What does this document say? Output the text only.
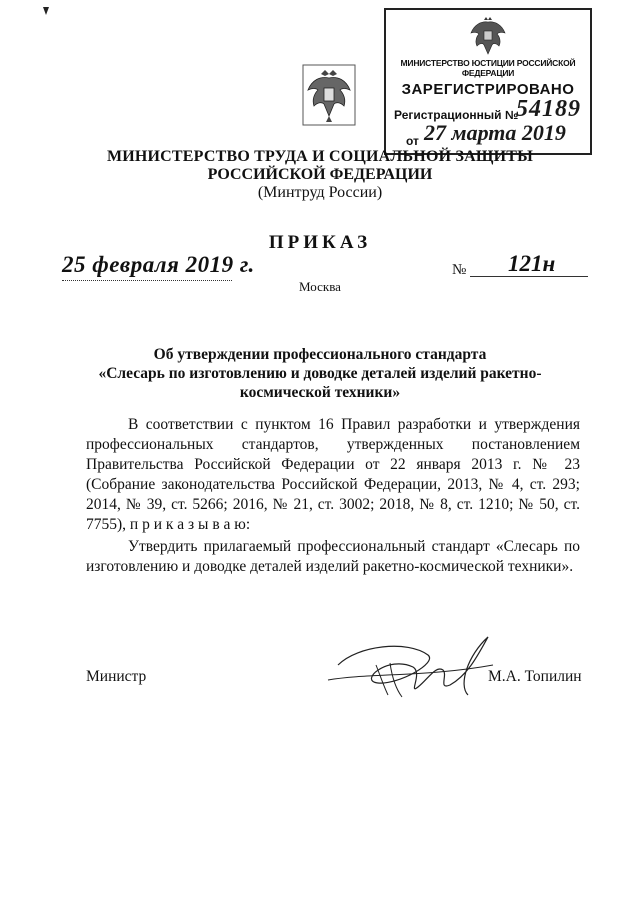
МИНИСТЕРСТВО ЮСТИЦИИ РОССИЙСКОЙ ФЕДЕРАЦИИ
ЗАРЕГИСТРИРОВАНО
Регистрационный №
54189
от 27 марта 2019
МИНИСТЕРСТВО ТРУДА И СОЦИАЛЬНОЙ ЗАЩИТЫ
РОССИЙСКОЙ ФЕДЕРАЦИИ
(Минтруд России)
ПРИКАЗ
25 февраля 2019 г.	№ 121н
Москва
Об утверждении профессионального стандарта
«Слесарь по изготовлению и доводке деталей изделий ракетно-
космической техники»
В соответствии с пунктом 16 Правил разработки и утверждения профессиональных стандартов, утвержденных постановлением Правительства Российской Федерации от 22 января 2013 г. № 23 (Собрание законодательства Российской Федерации, 2013, № 4, ст. 293; 2014, № 39, ст. 5266; 2016, № 21, ст. 3002; 2018, № 8, ст. 1210; № 50, ст. 7755), п р и к а з ы в а ю:
Утвердить прилагаемый профессиональный стандарт «Слесарь по изготовлению и доводке деталей изделий ракетно-космической техники».
Министр	М.А. Топилин
